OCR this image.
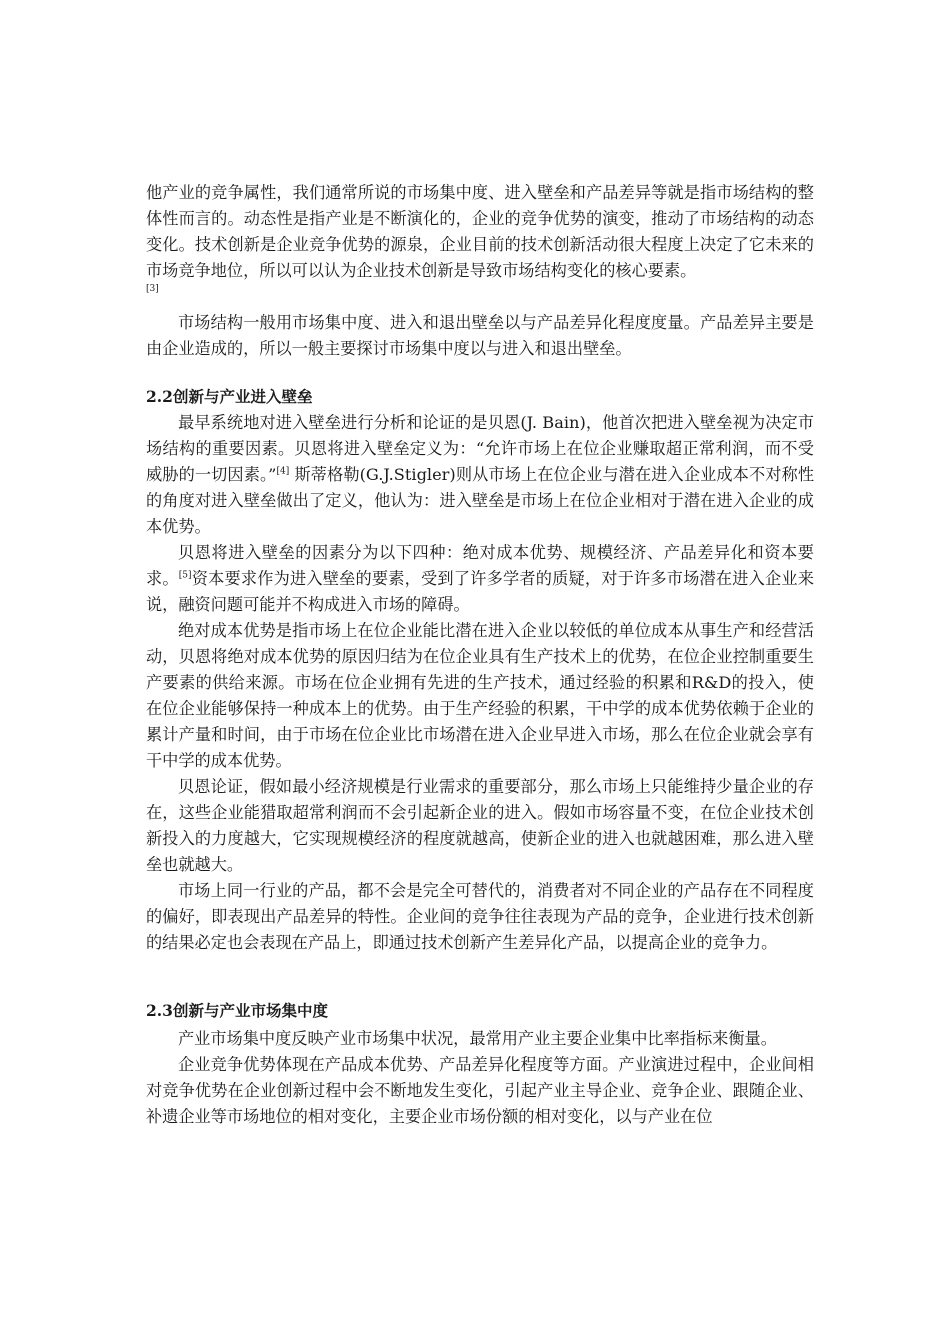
他产业的竞争属性，我们通常所说的市场集中度、进入壁垒和产品差异等就是指市场结构的整体性而言的。动态性是指产业是不断演化的，企业的竞争优势的演变，推动了市场结构的动态变化。技术创新是企业竞争优势的源泉，企业目前的技术创新活动很大程度上决定了它未来的市场竞争地位，所以可以认为企业技术创新是导致市场结构变化的核心要素。

[3]

市场结构一般用市场集中度、进入和退出壁垒以与产品差异化程度度量。产品差异主要是由企业造成的，所以一般主要探讨市场集中度以与进入和退出壁垒。

2.2创新与产业进入壁垒

最早系统地对进入壁垒进行分析和论证的是贝恩(J. Bain)，他首次把进入壁垒视为决定市场结构的重要因素。贝恩将进入壁垒定义为：“允许市场上在位企业赚取超正常利润，而不受威胁的一切因素。”[4] 斯蒂格勒(G.J.Stigler)则从市场上在位企业与潜在进入企业成本不对称性的角度对进入壁垒做出了定义，他认为：进入壁垒是市场上在位企业相对于潜在进入企业的成本优势。

贝恩将进入壁垒的因素分为以下四种：绝对成本优势、规模经济、产品差异化和资本要求。[5]资本要求作为进入壁垒的要素，受到了许多学者的质疑，对于许多市场潜在进入企业来说，融资问题可能并不构成进入市场的障碍。

绝对成本优势是指市场上在位企业能比潜在进入企业以较低的单位成本从事生产和经营活动，贝恩将绝对成本优势的原因归结为在位企业具有生产技术上的优势，在位企业控制重要生产要素的供给来源。市场在位企业拥有先进的生产技术，通过经验的积累和R&D的投入，使在位企业能够保持一种成本上的优势。由于生产经验的积累，干中学的成本优势依赖于企业的累计产量和时间，由于市场在位企业比市场潜在进入企业早进入市场，那么在位企业就会享有干中学的成本优势。

贝恩论证，假如最小经济规模是行业需求的重要部分，那么市场上只能维持少量企业的存在，这些企业能猎取超常利润而不会引起新企业的进入。假如市场容量不变，在位企业技术创新投入的力度越大，它实现规模经济的程度就越高，使新企业的进入也就越困难，那么进入壁垒也就越大。

市场上同一行业的产品，都不会是完全可替代的，消费者对不同企业的产品存在不同程度的偏好，即表现出产品差异的特性。企业间的竞争往往表现为产品的竞争，企业进行技术创新的结果必定也会表现在产品上，即通过技术创新产生差异化产品，以提高企业的竞争力。

2.3创新与产业市场集中度

产业市场集中度反映产业市场集中状况，最常用产业主要企业集中比率指标来衡量。

企业竞争优势体现在产品成本优势、产品差异化程度等方面。产业演进过程中，企业间相对竞争优势在企业创新过程中会不断地发生变化，引起产业主导企业、竞争企业、跟随企业、补遗企业等市场地位的相对变化，主要企业市场份额的相对变化，以与产业在位
